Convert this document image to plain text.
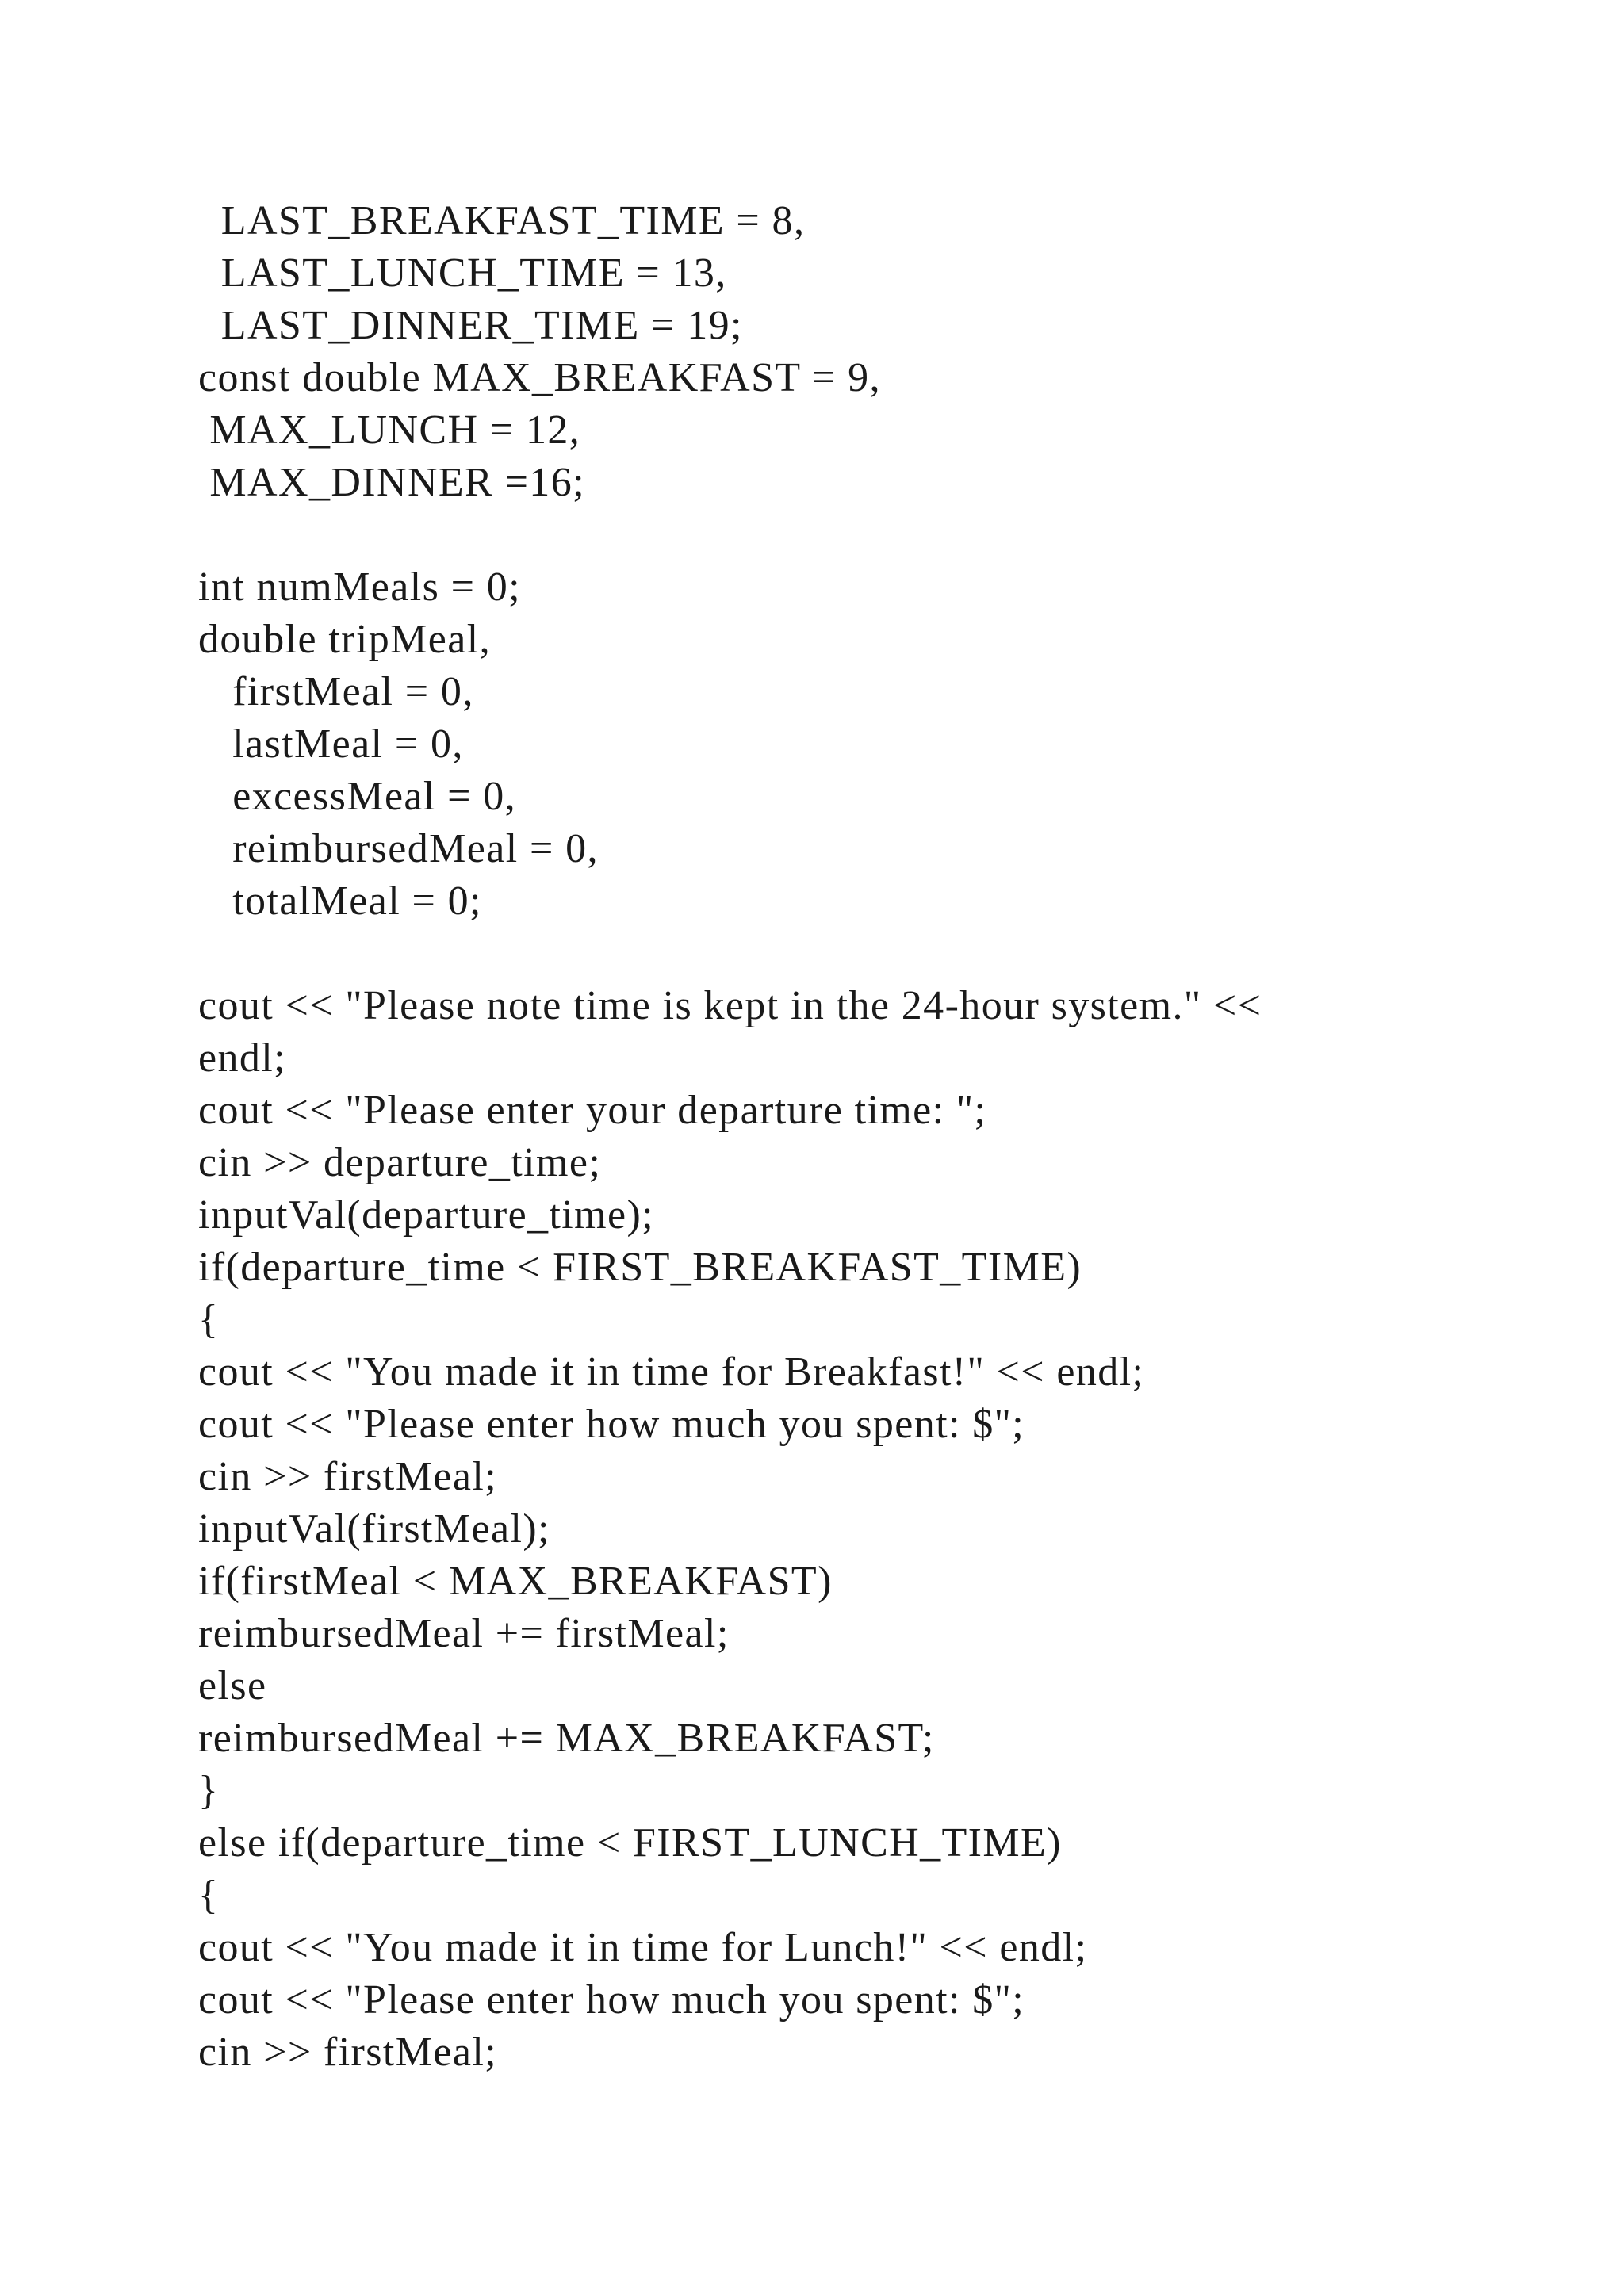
LAST_BREAKFAST_TIME = 8,

LAST_LUNCH_TIME = 13,

LAST_DINNER_TIME = 19;

const double MAX_BREAKFAST = 9,

MAX_LUNCH = 12,

MAX_DINNER =16;

int numMeals = 0;

double tripMeal,

firstMeal = 0,

lastMeal = 0,

excessMeal = 0,

reimbursedMeal = 0,

totalMeal = 0;

cout << "Please note time is kept in the 24-hour system." <<

endl;

cout << "Please enter your departure time: ";

cin >> departure_time;

inputVal(departure_time);

if(departure_time < FIRST_BREAKFAST_TIME)

{

cout << "You made it in time for Breakfast!" << endl;

cout << "Please enter how much you spent: $";

cin >> firstMeal;

inputVal(firstMeal);

if(firstMeal < MAX_BREAKFAST)

reimbursedMeal += firstMeal;

else

reimbursedMeal += MAX_BREAKFAST;

}

else if(departure_time < FIRST_LUNCH_TIME)

{

cout << "You made it in time for Lunch!" << endl;

cout << "Please enter how much you spent: $";

cin >> firstMeal;
